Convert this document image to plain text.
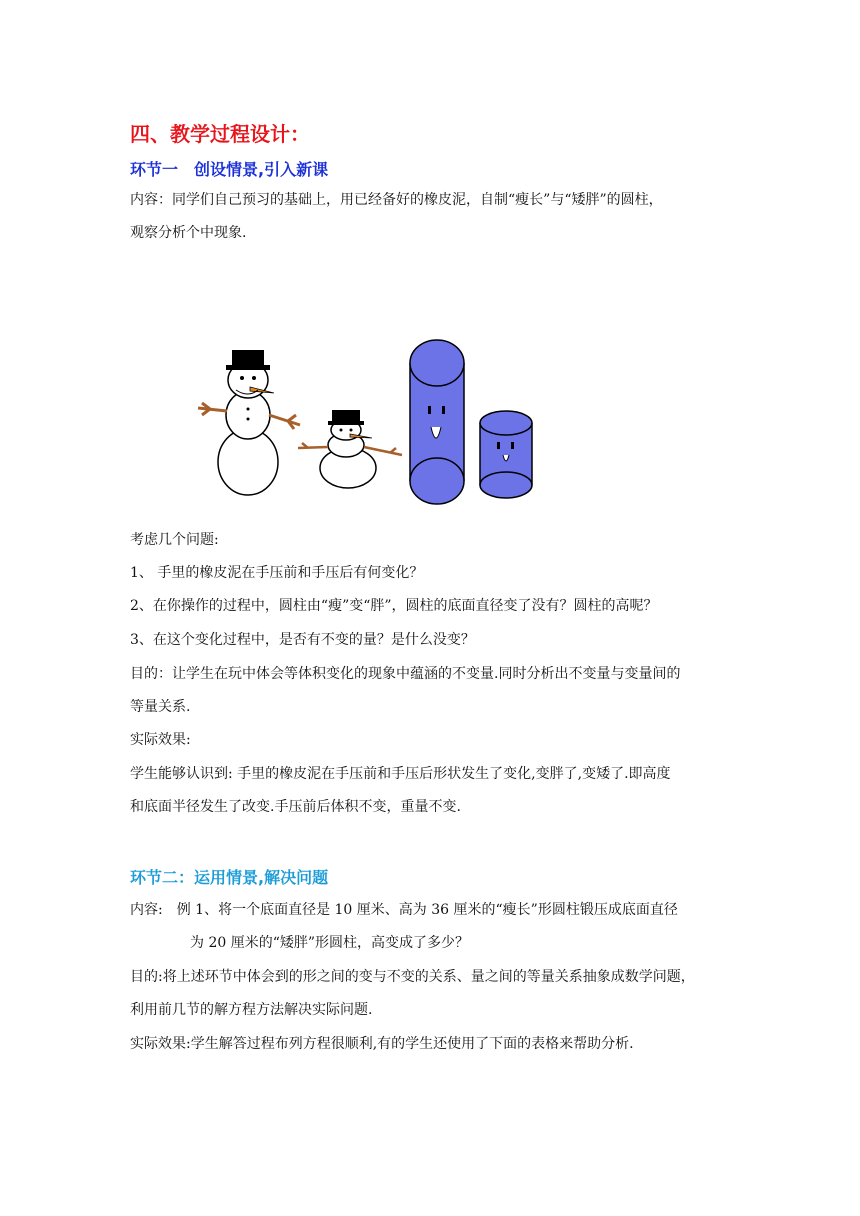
四、教学过程设计：
环节一　创设情景,引入新课
内容：同学们自己预习的基础上，用已经备好的橡皮泥，自制“瘦长”与“矮胖”的圆柱，
观察分析个中现象.
考虑几个问题:
1、 手里的橡皮泥在手压前和手压后有何变化？
2、在你操作的过程中，圆柱由“瘦”变“胖”，圆柱的底面直径变了没有？圆柱的高呢？
3、在这个变化过程中，是否有不变的量？是什么没变？
目的：让学生在玩中体会等体积变化的现象中蕴涵的不变量.同时分析出不变量与变量间的
等量关系.
实际效果:
学生能够认识到: 手里的橡皮泥在手压前和手压后形状发生了变化,变胖了,变矮了.即高度
和底面半径发生了改变.手压前后体积不变，重量不变.
环节二：运用情景,解决问题
内容:　例 1、将一个底面直径是 10 厘米、高为 36 厘米的“瘦长”形圆柱锻压成底面直径
为 20 厘米的“矮胖”形圆柱，高变成了多少？
目的:将上述环节中体会到的形之间的变与不变的关系、量之间的等量关系抽象成数学问题，
利用前几节的解方程方法解决实际问题.
实际效果:学生解答过程布列方程很顺利,有的学生还使用了下面的表格来帮助分析.
